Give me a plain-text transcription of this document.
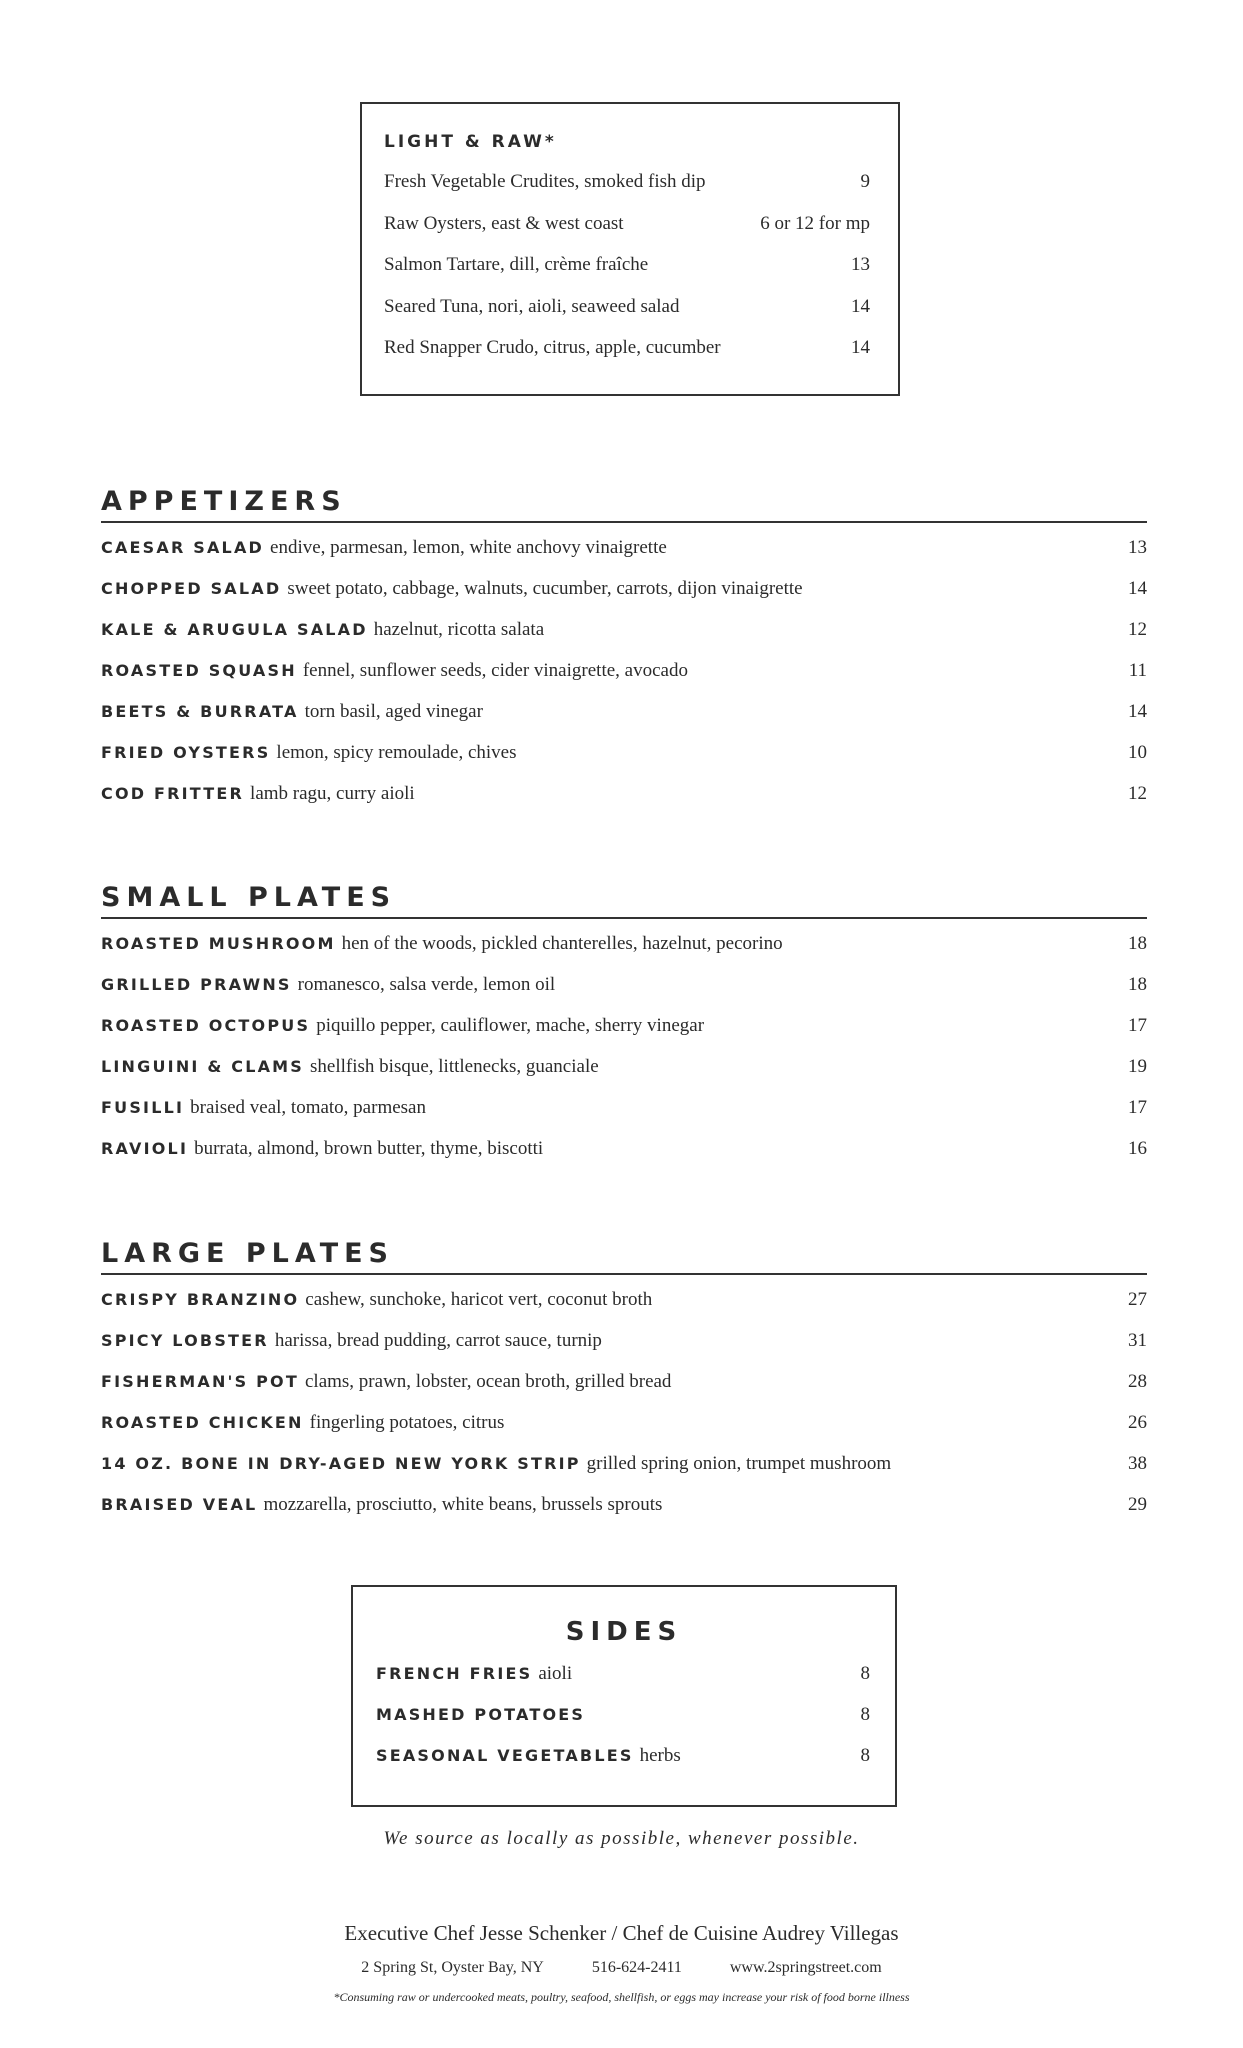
LIGHT & RAW*
Fresh Vegetable Crudites, smoked fish dip	9
Raw Oysters, east & west coast	6 or 12 for mp
Salmon Tartare, dill, crème fraîche	13
Seared Tuna, nori, aioli, seaweed salad	14
Red Snapper Crudo, citrus, apple, cucumber	14
APPETIZERS
CAESAR SALAD endive, parmesan, lemon, white anchovy vinaigrette	13
CHOPPED SALAD sweet potato, cabbage, walnuts, cucumber, carrots, dijon vinaigrette	14
KALE & ARUGULA SALAD hazelnut, ricotta salata	12
ROASTED SQUASH fennel, sunflower seeds, cider vinaigrette, avocado	11
BEETS & BURRATA torn basil, aged vinegar	14
FRIED OYSTERS lemon, spicy remoulade, chives	10
COD FRITTER lamb ragu, curry aioli	12
SMALL PLATES
ROASTED MUSHROOM hen of the woods, pickled chanterelles, hazelnut, pecorino	18
GRILLED PRAWNS romanesco, salsa verde, lemon oil	18
ROASTED OCTOPUS piquillo pepper, cauliflower, mache, sherry vinegar	17
LINGUINI & CLAMS shellfish bisque, littlenecks, guanciale	19
FUSILLI braised veal, tomato, parmesan	17
RAVIOLI burrata, almond, brown butter, thyme, biscotti	16
LARGE PLATES
CRISPY BRANZINO cashew, sunchoke, haricot vert, coconut broth	27
SPICY LOBSTER harissa, bread pudding, carrot sauce, turnip	31
FISHERMAN'S POT clams, prawn, lobster, ocean broth, grilled bread	28
ROASTED CHICKEN fingerling potatoes, citrus	26
14 OZ. BONE IN DRY-AGED NEW YORK STRIP grilled spring onion, trumpet mushroom	38
BRAISED VEAL mozzarella, prosciutto, white beans, brussels sprouts	29
SIDES
FRENCH FRIES aioli	8
MASHED POTATOES	8
SEASONAL VEGETABLES herbs	8
We source as locally as possible, whenever possible.
Executive Chef Jesse Schenker / Chef de Cuisine Audrey Villegas
2 Spring St, Oyster Bay, NY	516-624-2411	www.2springstreet.com
*Consuming raw or undercooked meats, poultry, seafood, shellfish, or eggs may increase your risk of food borne illness
